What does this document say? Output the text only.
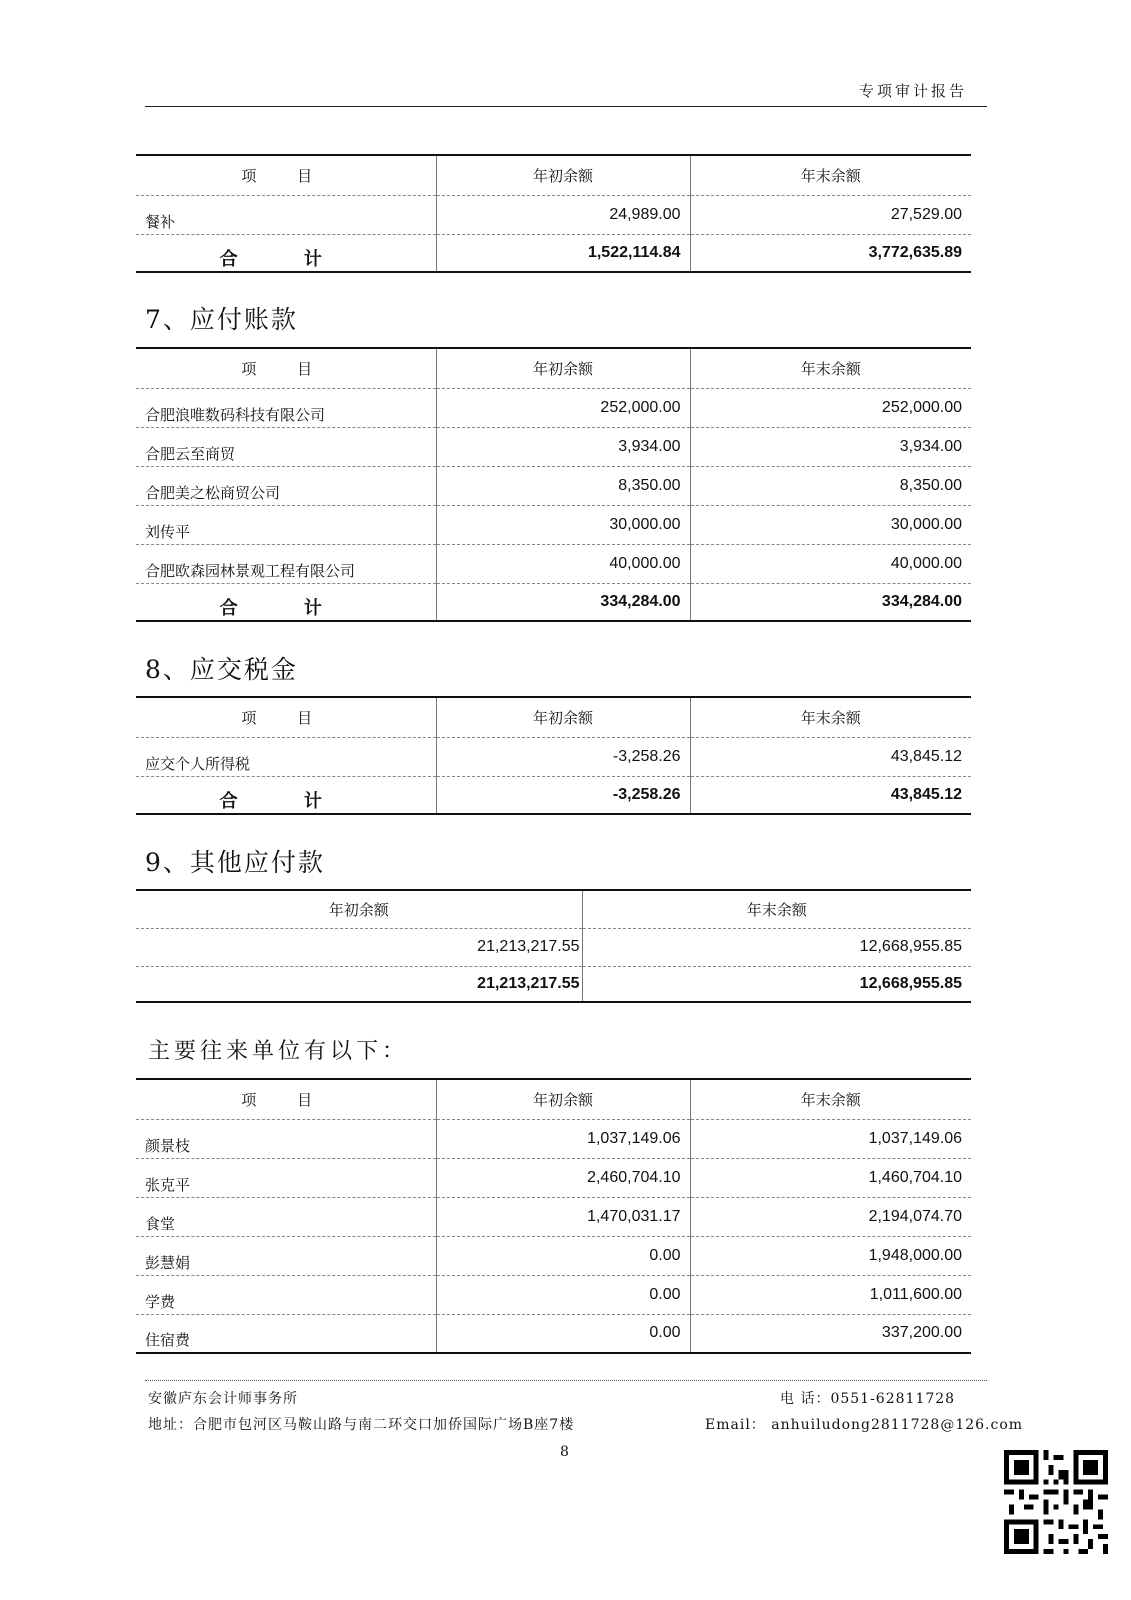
专项审计报告
项 目	年初余额	年末余额
餐补	24,989.00	27,529.00
合 计	1,522,114.84	3,772,635.89
7、应付账款
项 目	年初余额	年末余额
合肥浪唯数码科技有限公司	252,000.00	252,000.00
合肥云至商贸	3,934.00	3,934.00
合肥美之松商贸公司	8,350.00	8,350.00
刘传平	30,000.00	30,000.00
合肥欧森园林景观工程有限公司	40,000.00	40,000.00
合 计	334,284.00	334,284.00
8、应交税金
项 目	年初余额	年末余额
应交个人所得税	-3,258.26	43,845.12
合 计	-3,258.26	43,845.12
9、其他应付款
年初余额	年末余额
21,213,217.55	12,668,955.85
21,213,217.55	12,668,955.85
主要往来单位有以下：
项 目	年初余额	年末余额
颜景枝	1,037,149.06	1,037,149.06
张克平	2,460,704.10	1,460,704.10
食堂	1,470,031.17	2,194,074.70
彭慧娟	0.00	1,948,000.00
学费	0.00	1,011,600.00
住宿费	0.00	337,200.00
安徽庐东会计师事务所
地址：合肥市包河区马鞍山路与南二环交口加侨国际广场B座7楼
电 话：0551-62811728
Email： anhuiludong2811728@126.com
8
